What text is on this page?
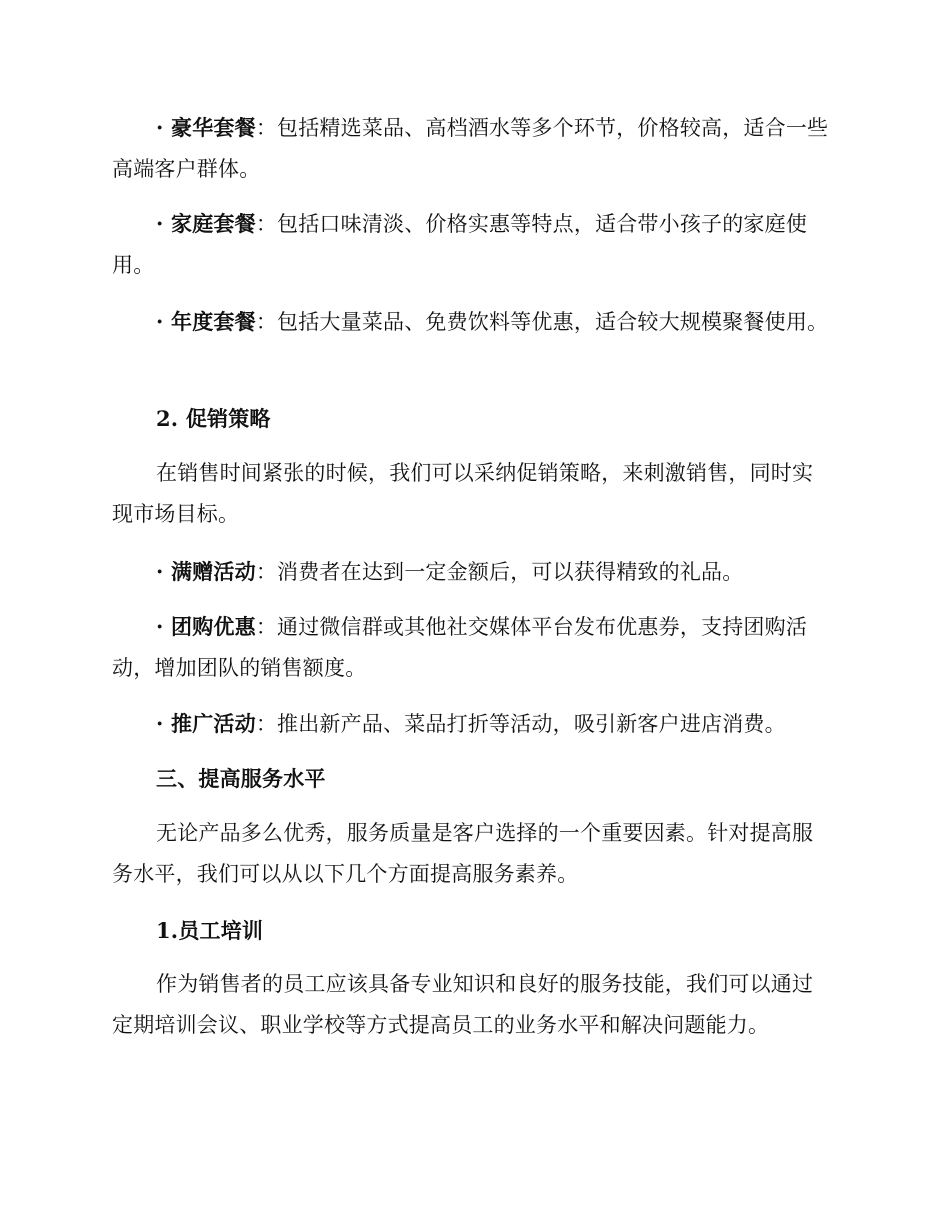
· 豪华套餐：包括精选菜品、高档酒水等多个环节，价格较高，适合一些高端客户群体。
· 家庭套餐：包括口味清淡、价格实惠等特点，适合带小孩子的家庭使用。
· 年度套餐：包括大量菜品、免费饮料等优惠，适合较大规模聚餐使用。
2. 促销策略
在销售时间紧张的时候，我们可以采纳促销策略，来刺激销售，同时实现市场目标。
· 满赠活动：消费者在达到一定金额后，可以获得精致的礼品。
· 团购优惠：通过微信群或其他社交媒体平台发布优惠券，支持团购活动，增加团队的销售额度。
· 推广活动：推出新产品、菜品打折等活动，吸引新客户进店消费。
三、提高服务水平
无论产品多么优秀，服务质量是客户选择的一个重要因素。针对提高服务水平，我们可以从以下几个方面提高服务素养。
1.员工培训
作为销售者的员工应该具备专业知识和良好的服务技能，我们可以通过定期培训会议、职业学校等方式提高员工的业务水平和解决问题能力。
